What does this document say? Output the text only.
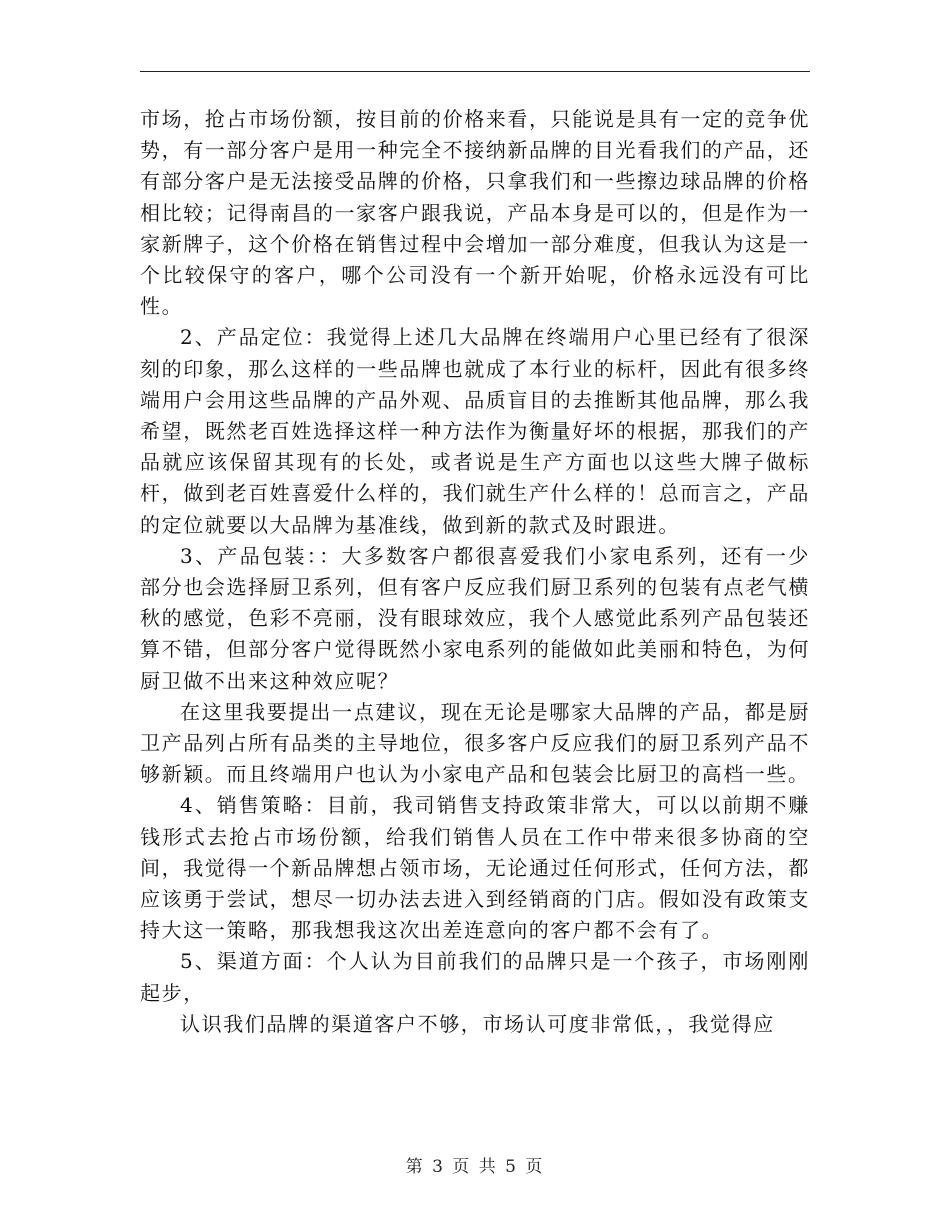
市场，抢占市场份额，按目前的价格来看，只能说是具有一定的竞争优势，有一部分客户是用一种完全不接纳新品牌的目光看我们的产品，还有部分客户是无法接受品牌的价格，只拿我们和一些擦边球品牌的价格相比较；记得南昌的一家客户跟我说，产品本身是可以的，但是作为一家新牌子，这个价格在销售过程中会增加一部分难度，但我认为这是一个比较保守的客户，哪个公司没有一个新开始呢，价格永远没有可比性。

2、产品定位：我觉得上述几大品牌在终端用户心里已经有了很深刻的印象，那么这样的一些品牌也就成了本行业的标杆，因此有很多终端用户会用这些品牌的产品外观、品质盲目的去推断其他品牌，那么我希望，既然老百姓选择这样一种方法作为衡量好坏的根据，那我们的产品就应该保留其现有的长处，或者说是生产方面也以这些大牌子做标杆，做到老百姓喜爱什么样的，我们就生产什么样的！总而言之，产品的定位就要以大品牌为基准线，做到新的款式及时跟进。

3、产品包装：：大多数客户都很喜爱我们小家电系列，还有一少部分也会选择厨卫系列，但有客户反应我们厨卫系列的包装有点老气横秋的感觉，色彩不亮丽，没有眼球效应，我个人感觉此系列产品包装还算不错，但部分客户觉得既然小家电系列的能做如此美丽和特色，为何厨卫做不出来这种效应呢？

在这里我要提出一点建议，现在无论是哪家大品牌的产品，都是厨卫产品列占所有品类的主导地位，很多客户反应我们的厨卫系列产品不够新颖。而且终端用户也认为小家电产品和包装会比厨卫的高档一些。

4、销售策略：目前，我司销售支持政策非常大，可以以前期不赚钱形式去抢占市场份额，给我们销售人员在工作中带来很多协商的空间，我觉得一个新品牌想占领市场，无论通过任何形式，任何方法，都应该勇于尝试，想尽一切办法去进入到经销商的门店。假如没有政策支持大这一策略，那我想我这次出差连意向的客户都不会有了。

5、渠道方面：个人认为目前我们的品牌只是一个孩子，市场刚刚起步，

认识我们品牌的渠道客户不够，市场认可度非常低，，我觉得应

第 3 页 共 5 页
